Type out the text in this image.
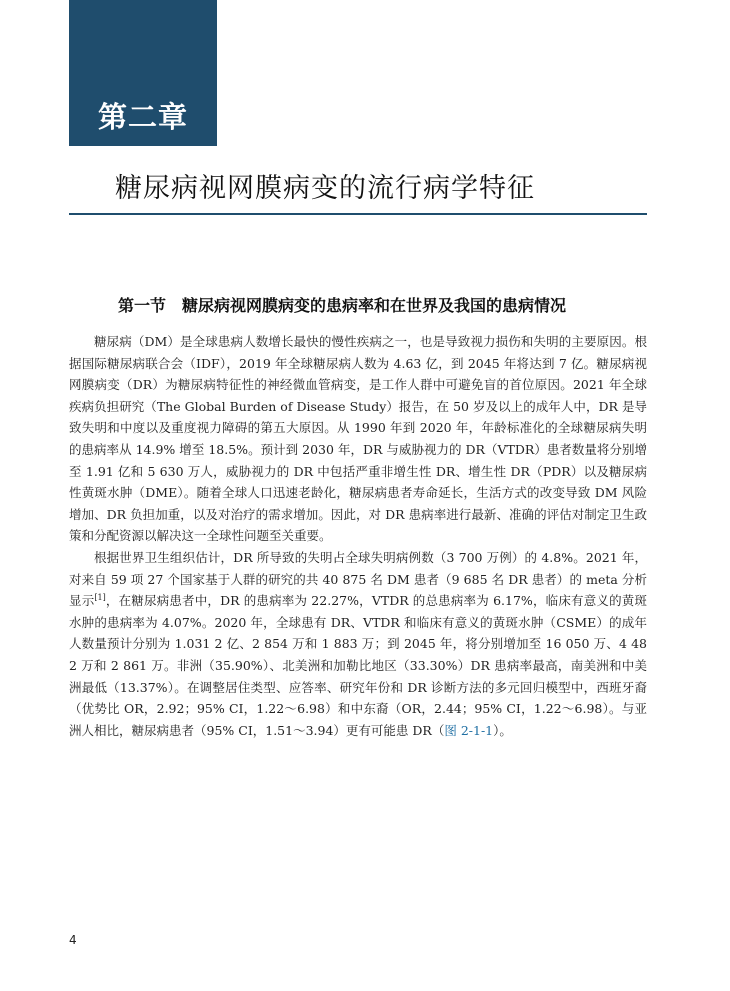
第二章
糖尿病视网膜病变的流行病学特征
第一节　糖尿病视网膜病变的患病率和在世界及我国的患病情况

糖尿病（DM）是全球患病人数增长最快的慢性疾病之一，也是导致视力损伤和失明的主要原因。根据国际糖尿病联合会（IDF），2019 年全球糖尿病人数为 4.63 亿，到 2045 年将达到 7 亿。糖尿病视网膜病变（DR）为糖尿病特征性的神经微血管病变，是工作人群中可避免盲的首位原因。2021 年全球疾病负担研究（The Global Burden of Disease Study）报告，在 50 岁及以上的成年人中，DR 是导致失明和中度以及重度视力障碍的第五大原因。从 1990 年到 2020 年，年龄标准化的全球糖尿病失明的患病率从 14.9% 增至 18.5%。预计到 2030 年，DR 与威胁视力的 DR（VTDR）患者数量将分别增至 1.91 亿和 5 630 万人，威胁视力的 DR 中包括严重非增生性 DR、增生性 DR（PDR）以及糖尿病性黄斑水肿（DME）。随着全球人口迅速老龄化，糖尿病患者寿命延长，生活方式的改变导致 DM 风险增加、DR 负担加重，以及对治疗的需求增加。因此，对 DR 患病率进行最新、准确的评估对制定卫生政策和分配资源以解决这一全球性问题至关重要。

根据世界卫生组织估计，DR 所导致的失明占全球失明病例数（3 700 万例）的 4.8%。2021 年，对来自 59 项 27 个国家基于人群的研究的共 40 875 名 DM 患者（9 685 名 DR 患者）的 meta 分析显示[1]，在糖尿病患者中，DR 的患病率为 22.27%，VTDR 的总患病率为 6.17%，临床有意义的黄斑水肿的患病率为 4.07%。2020 年，全球患有 DR、VTDR 和临床有意义的黄斑水肿（CSME）的成年人数量预计分别为 1.031 2 亿、2 854 万和 1 883 万；到 2045 年，将分别增加至 16 050 万、4 482 万和 2 861 万。非洲（35.90%）、北美洲和加勒比地区（33.30%）DR 患病率最高，南美洲和中美洲最低（13.37%）。在调整居住类型、应答率、研究年份和 DR 诊断方法的多元回归模型中，西班牙裔（优势比 OR，2.92；95% CI，1.22～6.98）和中东裔（OR，2.44；95% CI，1.22～6.98）。与亚洲人相比，糖尿病患者（95% CI，1.51～3.94）更有可能患 DR（图 2-1-1）。

4
